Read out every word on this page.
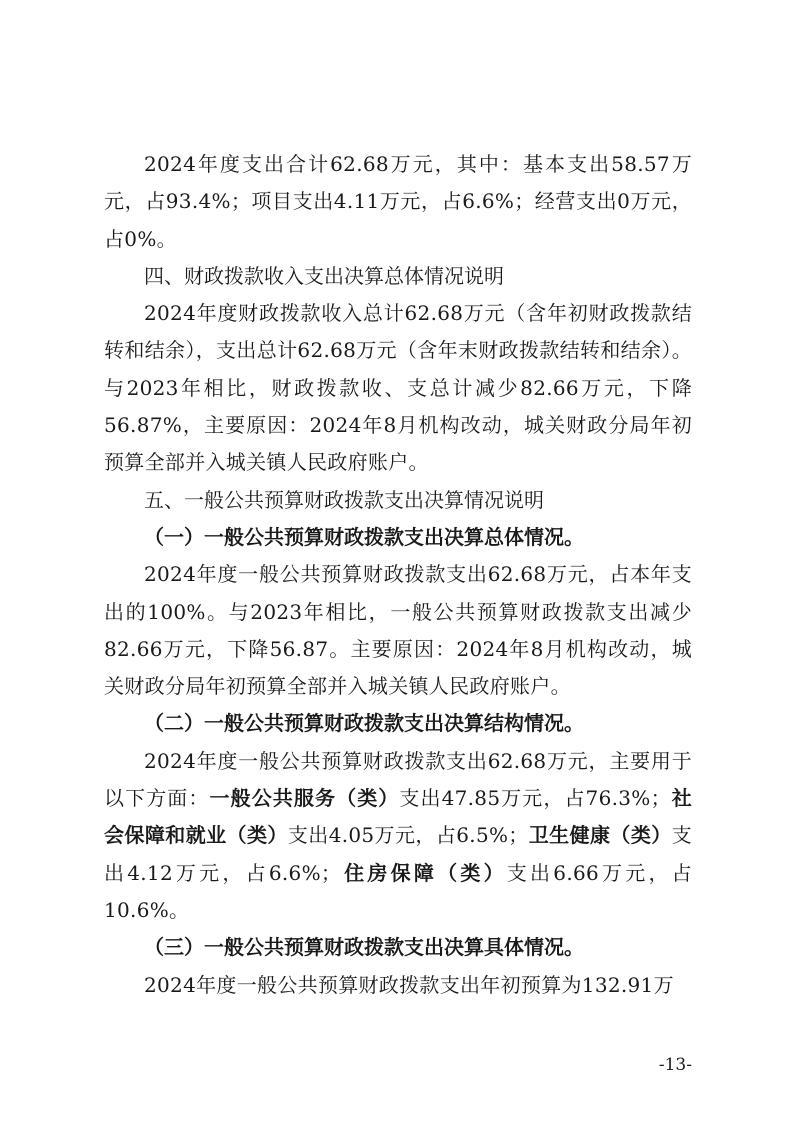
2024年度支出合计62.68万元，其中：基本支出58.57万元，占93.4%；项目支出4.11万元，占6.6%；经营支出0万元，占0%。

四、财政拨款收入支出决算总体情况说明

2024年度财政拨款收入总计62.68万元（含年初财政拨款结转和结余），支出总计62.68万元（含年末财政拨款结转和结余）。与2023年相比，财政拨款收、支总计减少82.66万元，下降56.87%，主要原因：2024年8月机构改动，城关财政分局年初预算全部并入城关镇人民政府账户。

五、一般公共预算财政拨款支出决算情况说明

（一）一般公共预算财政拨款支出决算总体情况。

2024年度一般公共预算财政拨款支出62.68万元，占本年支出的100%。与2023年相比，一般公共预算财政拨款支出减少82.66万元，下降56.87。主要原因：2024年8月机构改动，城关财政分局年初预算全部并入城关镇人民政府账户。

（二）一般公共预算财政拨款支出决算结构情况。

2024年度一般公共预算财政拨款支出62.68万元，主要用于以下方面：一般公共服务（类）支出47.85万元，占76.3%；社会保障和就业（类）支出4.05万元，占6.5%；卫生健康（类）支出4.12万元，占6.6%；住房保障（类）支出6.66万元，占10.6%。

（三）一般公共预算财政拨款支出决算具体情况。

2024年度一般公共预算财政拨款支出年初预算为132.91万

-13-
